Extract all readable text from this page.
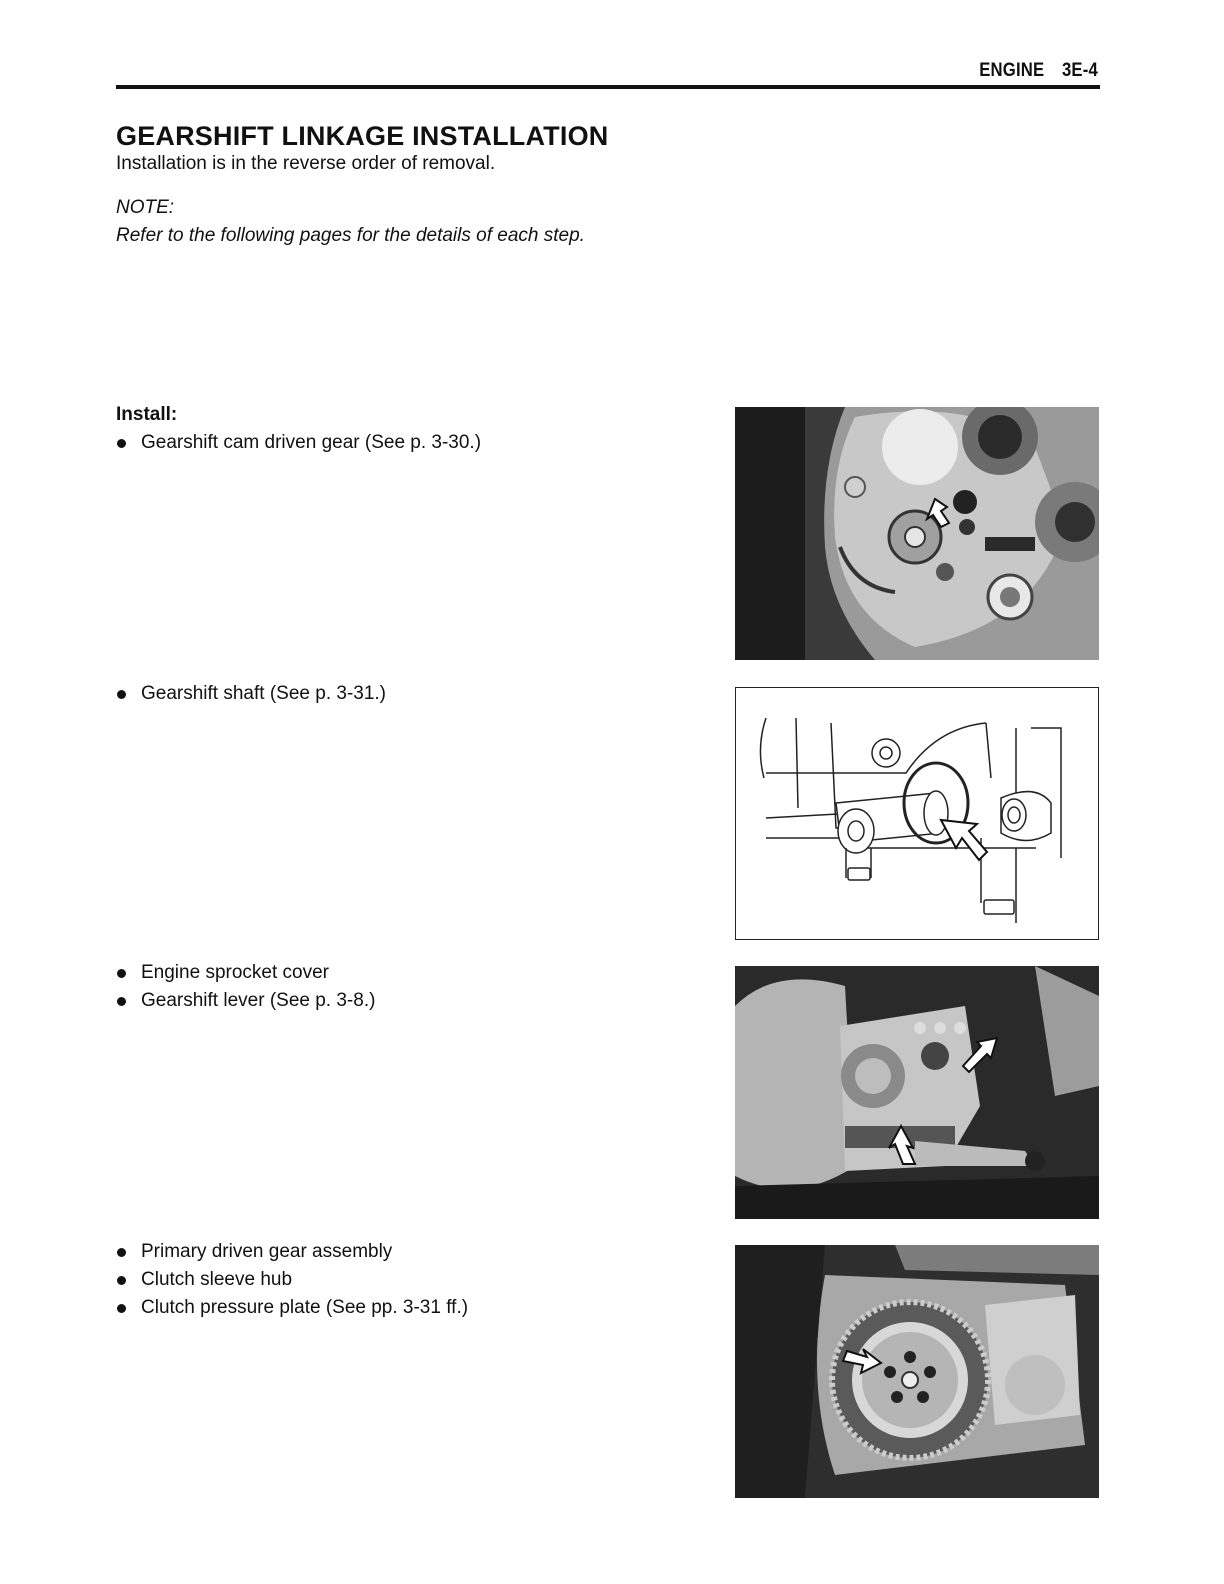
ENGINE 3E-4
GEARSHIFT LINKAGE INSTALLATION
Installation is in the reverse order of removal.
NOTE:
Refer to the following pages for the details of each step.
Install:
Gearshift cam driven gear (See p. 3-30.)
Gearshift shaft (See p. 3-31.)
Engine sprocket cover
Gearshift lever (See p. 3-8.)
Primary driven gear assembly
Clutch sleeve hub
Clutch pressure plate (See pp. 3-31 ff.)
